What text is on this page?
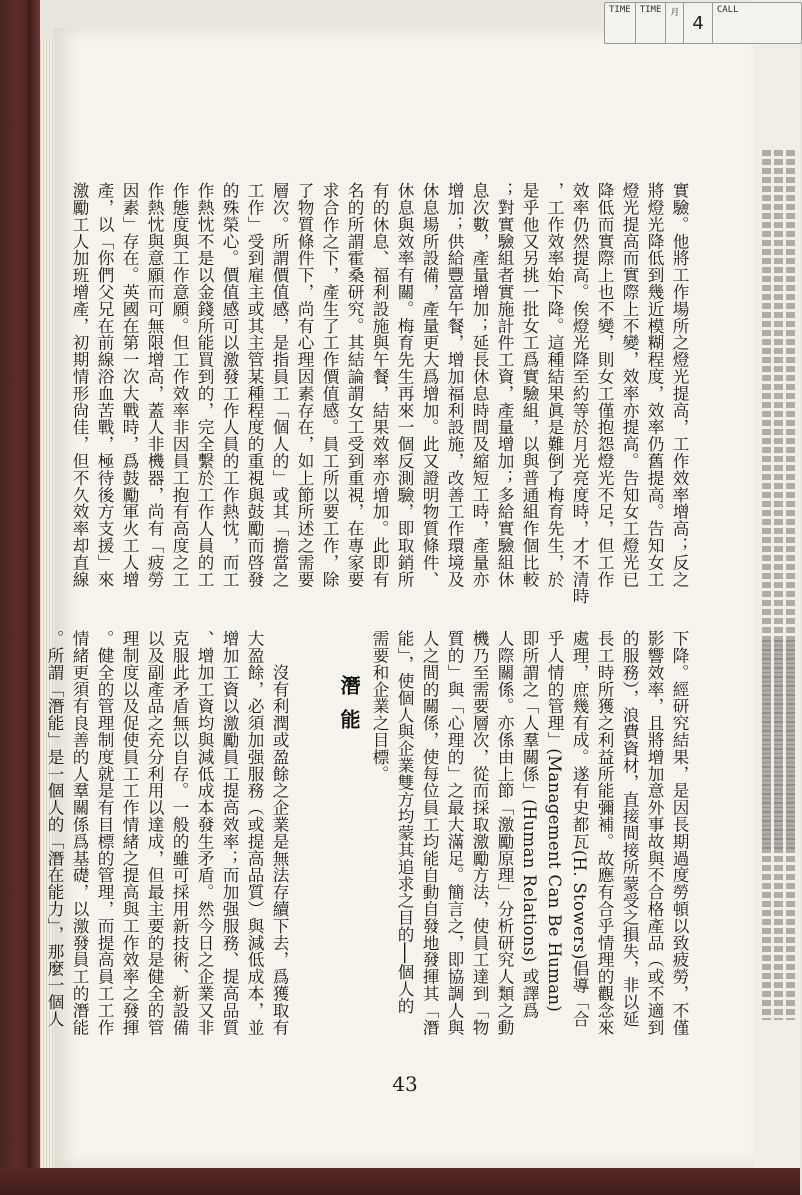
TIME TIME 月 4
CALL
實驗。他將工作場所之燈光提高，工作效率增高；反之
將燈光降低到幾近模糊程度，效率仍舊提高。告知女工
燈光提高而實際上不變，效率亦提高。告知女工燈光已
降低而實際上也不變，則女工僅抱怨燈光不足，但工作
效率仍然提高。俟燈光降至約等於月光亮度時，才不清時
，工作效率始下降。這種結果眞是難倒了梅育先生，於
是乎他又另挑一批女工爲實驗組，以與普通組作個比較
；對實驗組者實施計件工資，產量增加；多給實驗組休
息次數，產量增加；延長休息時間及縮短工時，產量亦
增加；供給豐富午餐，增加福利設施，改善工作環境及
休息場所設備，產量更大爲增加。此又證明物質條件、
休息與效率有關。梅育先生再來一個反測驗，即取銷所
有的休息、福利設施與午餐，結果效率亦增加。此即有
名的所謂霍桑研究。其結論謂女工受到重視，在專家要
求合作之下，產生了工作價值感。員工所以要工作，除
了物質條件下，尚有心理因素存在，如上節所述之需要
層次。所謂價值感，是指員工「個人的」或其「擔當之
工作」受到雇主或其主管某種程度的重視與鼓勵而啓發
的殊榮心。價值感可以激發工作人員的工作熱忱，而工
作熱忱不是以金錢所能買到的，完全繫於工作人員的工
作態度與工作意願。但工作效率非因員工抱有高度之工
作熱忱與意願而可無限增高，蓋人非機器，尚有「疲勞
因素」存在。英國在第一次大戰時，爲鼓勵軍火工人增
產，以「你們父兄在前線浴血苦戰，極待後方支援」來
激勵工人加班增產，初期情形尙佳，但不久效率却直線
潛能	下降。經研究結果，是因長期過度勞頓以致疲勞，不僅
影響效率，且將增加意外事故與不合格產品（或不適到
的服務），浪費資材，直接間接所蒙受之損失，非以延
長工時所獲之利益所能彌補。故應有合乎情理的觀念來
處理，庶幾有成。遂有史都瓦(H. Stowers)倡導「合
乎人情的管理」(Management Can Be Human)
即所謂之「人羣關係」(Human Relations) 或譯爲
人際關係。亦係由上節「激勵原理」分析研究人類之動
機乃至需要層次，從而採取激勵方法，使員工達到「物
質的」與「心理的」之最大滿足。簡言之，即協調人與
人之間的關係，使每位員工均能自動自發地發揮其「潛
能」，使個人與企業雙方均蒙其追求之目的──個人的
需要和企業之目標。

　　沒有利潤或盈餘之企業是無法存續下去，爲獲取有
大盈餘，必須加强服務（或提高品質）與減低成本，並
增加工資以激勵員工提高效率；而加强服務、提高品質
、增加工資均與減低成本發生矛盾。然今日之企業又非
克服此矛盾無以自存。一般的雖可採用新技術、新設備
以及副產品之充分利用以達成，但最主要的是健全的管
理制度以及促使員工工作情緒之提高與工作效率之發揮
。健全的管理制度就是有目標的管理，而提高員工工作
情緒更須有良善的人羣關係爲基礎，以激發員工的潛能
。所謂「潛能」是一個人的「潛在能力」，那麼一個人
43
